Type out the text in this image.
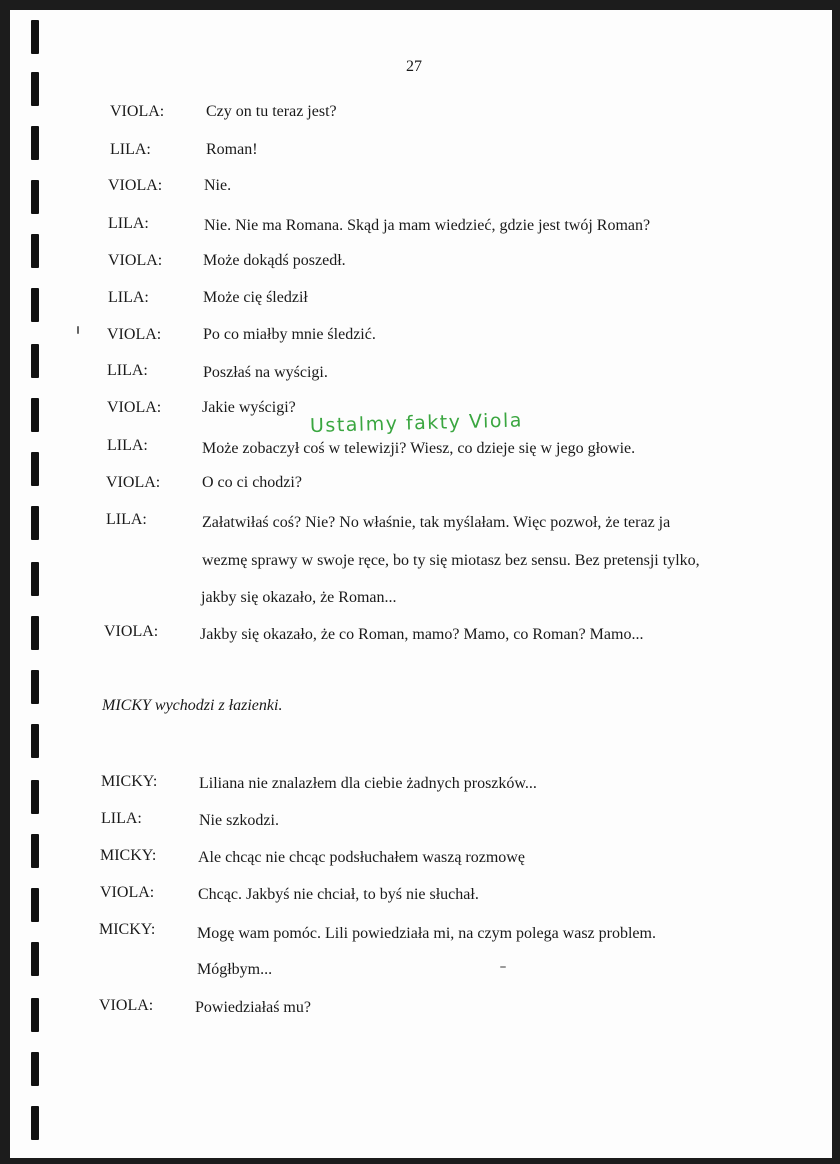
27
Ustalmy fakty Viola
VIOLA:	Czy on tu teraz jest?
LILA:	Roman!
VIOLA:	Nie.
LILA:	Nie. Nie ma Romana. Skąd ja mam wiedzieć, gdzie jest twój Roman?
VIOLA:	Może dokądś poszedł.
LILA:	Może cię śledził
VIOLA:	Po co miałby mnie śledzić.
LILA:	Poszłaś na wyścigi.
VIOLA:	Jakie wyścigi?
LILA:	Może zobaczył coś w telewizji? Wiesz, co dzieje się w jego głowie.
VIOLA:	O co ci chodzi?
LILA:	Załatwiłaś coś? Nie? No właśnie, tak myślałam. Więc pozwoł, że teraz ja
wezmę sprawy w swoje ręce, bo ty się miotasz bez sensu. Bez pretensji tylko,
jakby się okazało, że Roman...
VIOLA:	Jakby się okazało, że co Roman, mamo? Mamo, co Roman? Mamo...
MICKY wychodzi z łazienki.
MICKY:	Liliana nie znalazłem dla ciebie żadnych proszków...
LILA:	Nie szkodzi.
MICKY:	Ale chcąc nie chcąc podsłuchałem waszą rozmowę
VIOLA:	Chcąc. Jakbyś nie chciał, to byś nie słuchał.
MICKY:	Mogę wam pomóc. Lili powiedziała mi, na czym polega wasz problem.
Mógłbym...
VIOLA:	Powiedziałaś mu?
